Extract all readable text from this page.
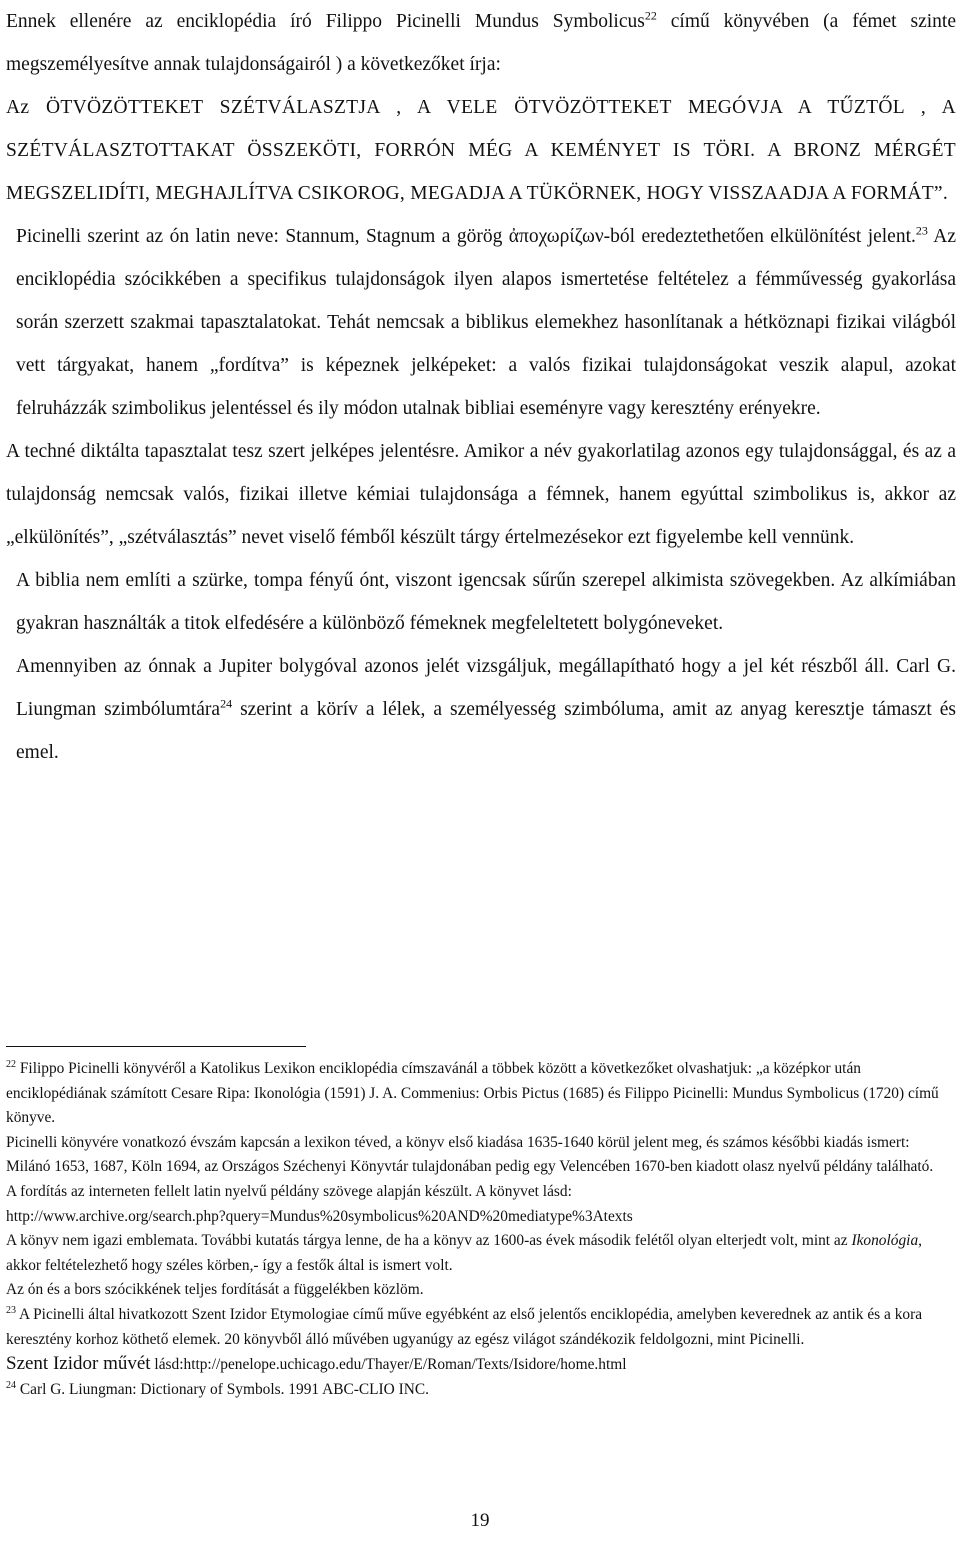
Ennek ellenére az enciklopédia író Filippo Picinelli Mundus Symbolicus$^{22}$ című könyvében (a fémet szinte megszemélyesítve annak tulajdonságairól ) a következőket írja:

Az ÖTVÖZÖTTEKET SZÉTVÁLASZTJA , A VELE ÖTVÖZÖTTEKET MEGÓVJA A TŰZTŐL , A SZÉTVÁLASZTOTTAKAT ÖSSZEKÖTI, FORRÓN MÉG A KEMÉNYET IS TÖRI. A BRONZ MÉRGÉT MEGSZELIDÍTI, MEGHAJLÍTVA CSIKOROG, MEGADJA A TÜKÖRNEK, HOGY VISSZAADJA A FORMÁT”.

Picinelli szerint az ón latin neve: Stannum, Stagnum a görög ἀποχωρίζων-ból eredeztethetően elkülönítést jelent.$^{23}$ Az enciklopédia szócikkében a specifikus tulajdonságok ilyen alapos ismertetése feltételez a fémművesség gyakorlása során szerzett szakmai tapasztalatokat. Tehát nemcsak a biblikus elemekhez hasonlítanak a hétköznapi fizikai világból vett tárgyakat, hanem „fordítva” is képeznek jelképeket: a valós fizikai tulajdonságokat veszik alapul, azokat felruházzák szimbolikus jelentéssel és ily módon utalnak bibliai eseményre vagy keresztény erényekre.

A techné diktálta tapasztalat tesz szert jelképes jelentésre. Amikor a név gyakorlatilag azonos egy tulajdonsággal, és az a tulajdonság nemcsak valós, fizikai illetve kémiai tulajdonsága a fémnek, hanem egyúttal szimbolikus is, akkor az „elkülönítés”, „szétválasztás” nevet viselő fémből készült tárgy értelmezésekor ezt figyelembe kell vennünk.

A biblia nem említi a szürke, tompa fényű ónt, viszont igencsak sűrűn szerepel alkimista szövegekben. Az alkímiában gyakran használták a titok elfedésére a különböző fémeknek megfeleltetett bolygóneveket.

Amennyiben az ónnak a Jupiter bolygóval azonos jelét vizsgáljuk, megállapítható hogy a jel két részből áll. Carl G. Liungman szimbólumtára$^{24}$ szerint a körív a lélek, a személyesség szimbóluma, amit az anyag keresztje támaszt és emel.

$^{22}$ Filippo Picinelli könyvéről a Katolikus Lexikon enciklopédia címszavánál a többek között a következőket olvashatjuk: „a középkor után enciklopédiának számított Cesare Ripa: Ikonológia (1591) J. A. Commenius: Orbis Pictus (1685) és Filippo Picinelli: Mundus Symbolicus (1720) című könyve.

Picinelli könyvére vonatkozó évszám kapcsán a lexikon téved, a könyv első kiadása 1635-1640 körül jelent meg, és számos későbbi kiadás ismert: Milánó 1653, 1687, Köln 1694, az Országos Széchenyi Könyvtár tulajdonában pedig egy Velencében 1670-ben kiadott olasz nyelvű példány található.

A fordítás az interneten fellelt latin nyelvű példány szövege alapján készült. A könyvet lásd:

http://www.archive.org/search.php?query=Mundus%20symbolicus%20AND%20mediatype%3Atexts

A könyv nem igazi emblemata. További kutatás tárgya lenne, de ha a könyv az 1600-as évek második felétől olyan elterjedt volt, mint az Ikonológia, akkor feltételezhető hogy széles körben,- így a festők által is ismert volt.

Az ón és a bors szócikkének teljes fordítását a függelékben közlöm.

$^{23}$ A Picinelli által hivatkozott Szent Izidor Etymologiae című műve egyébként az első jelentős enciklopédia, amelyben keverednek az antik és a kora keresztény korhoz köthető elemek. 20 könyvből álló művében ugyanúgy az egész világot szándékozik feldolgozni, mint Picinelli.

Szent Izidor művét lásd:http://penelope.uchicago.edu/Thayer/E/Roman/Texts/Isidore/home.html

$^{24}$ Carl G. Liungman: Dictionary of Symbols. 1991 ABC-CLIO INC.

19
